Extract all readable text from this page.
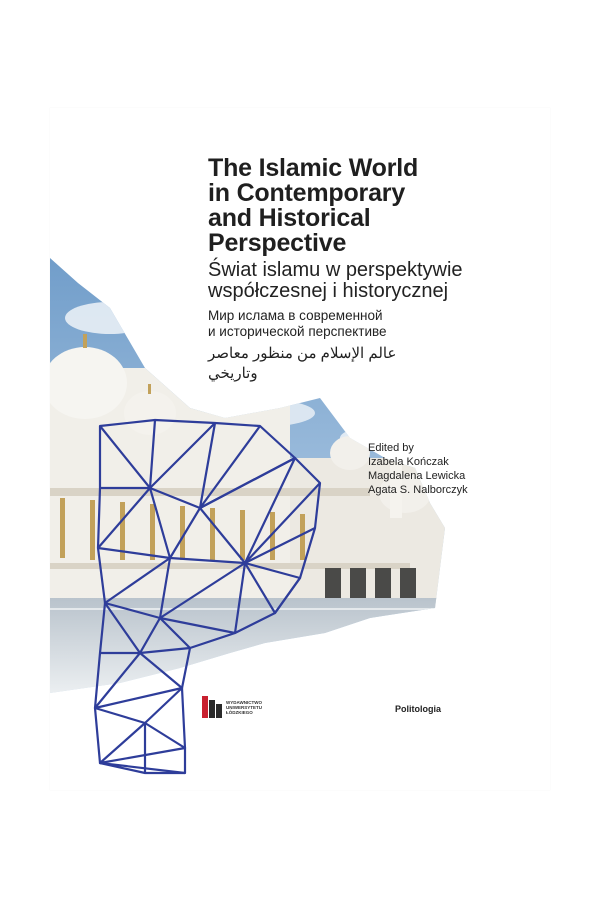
The Islamic World
in Contemporary
and Historical
Perspective
Świat islamu w perspektywie
współczesnej i historycznej
Мир ислама в современной
и исторической перспективе
عالم الإسلام من منظور معاصر وتاريخي
Edited by
Izabela Kończak
Magdalena Lewicka
Agata S. Nalborczyk
WYDAWNICTWO
UNIWERSYTETU
ŁÓDZKIEGO	Politologia
